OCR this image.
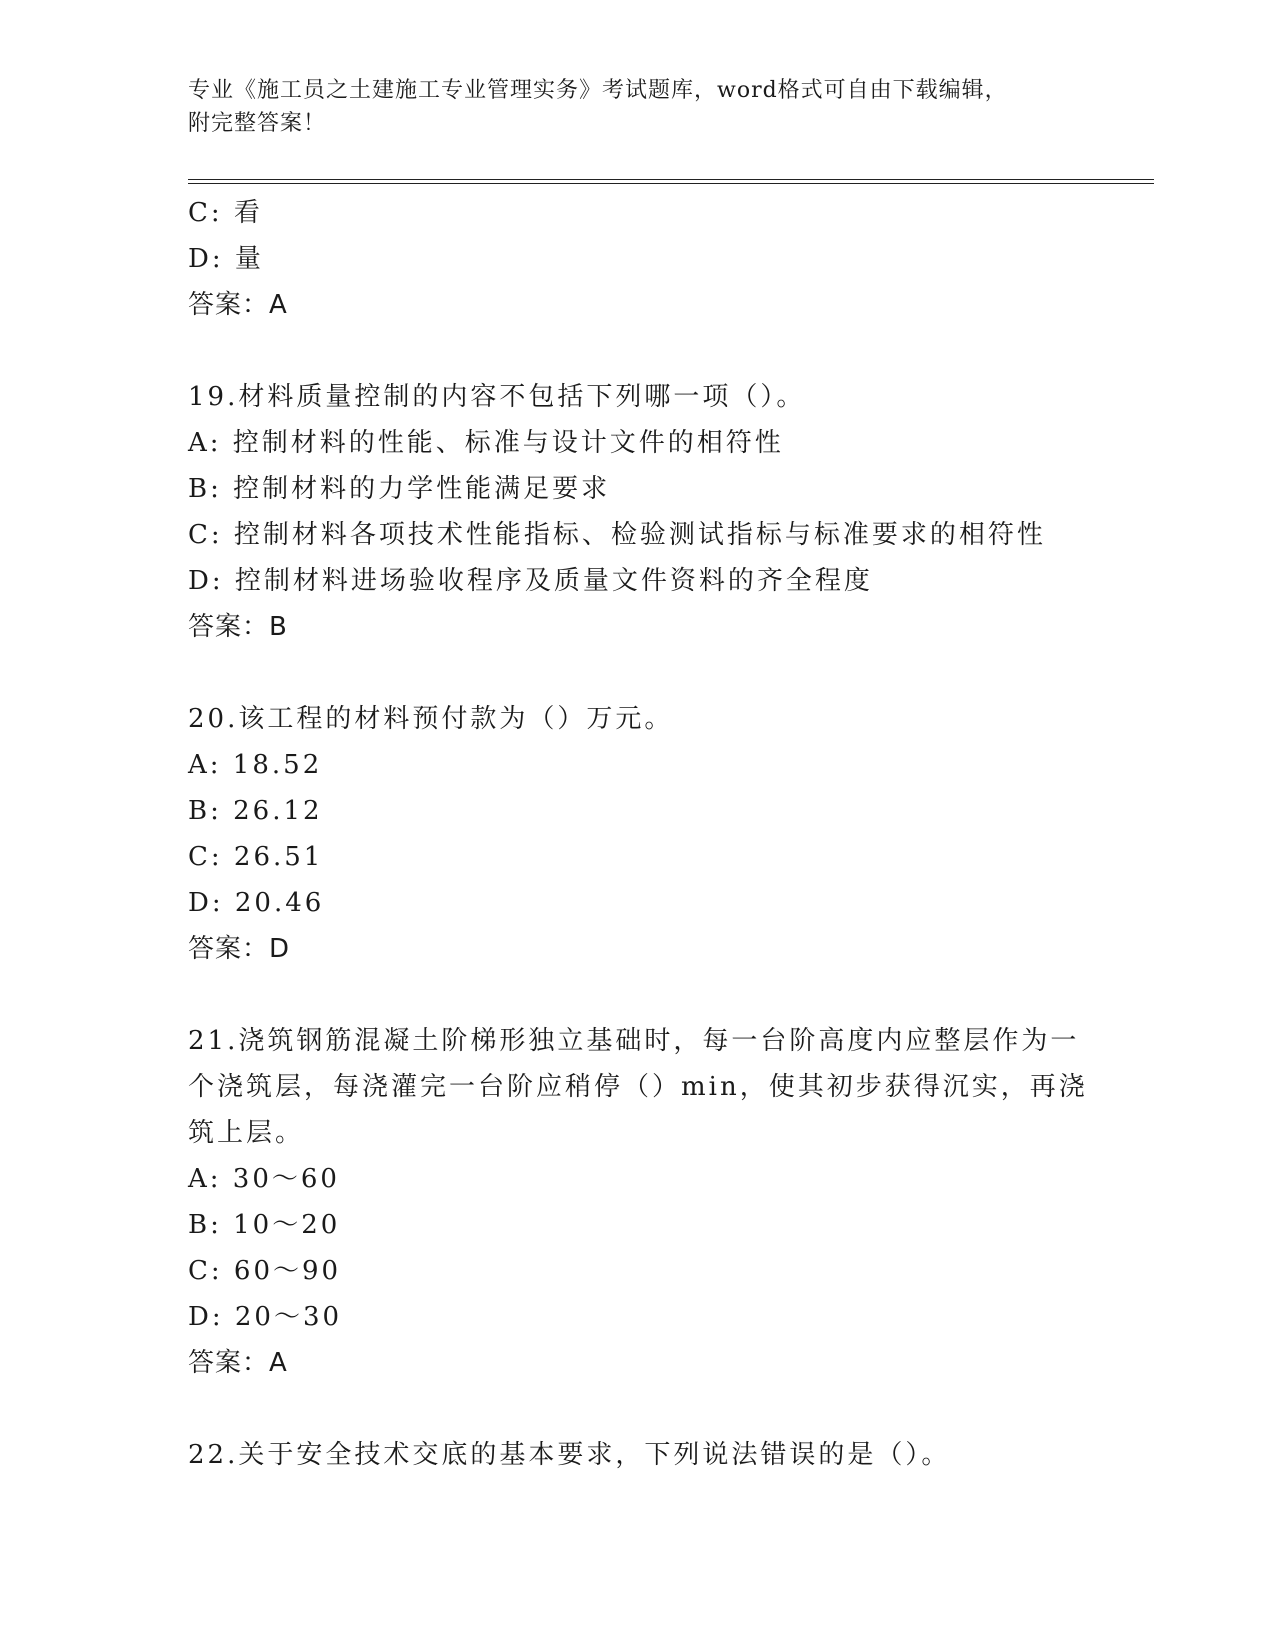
专业《施工员之土建施工专业管理实务》考试题库，word格式可自由下载编辑，
附完整答案！
C: 看
D: 量
答案：A
19.材料质量控制的内容不包括下列哪一项（）。
A: 控制材料的性能、标准与设计文件的相符性
B: 控制材料的力学性能满足要求
C: 控制材料各项技术性能指标、检验测试指标与标准要求的相符性
D: 控制材料进场验收程序及质量文件资料的齐全程度
答案：B
20.该工程的材料预付款为（）万元。
A: 18.52
B: 26.12
C: 26.51
D: 20.46
答案：D
21.浇筑钢筋混凝土阶梯形独立基础时，每一台阶高度内应整层作为一
个浇筑层，每浇灌完一台阶应稍停（）min，使其初步获得沉实，再浇
筑上层。
A: 30～60
B: 10～20
C: 60～90
D: 20～30
答案：A
22.关于安全技术交底的基本要求，下列说法错误的是（）。
